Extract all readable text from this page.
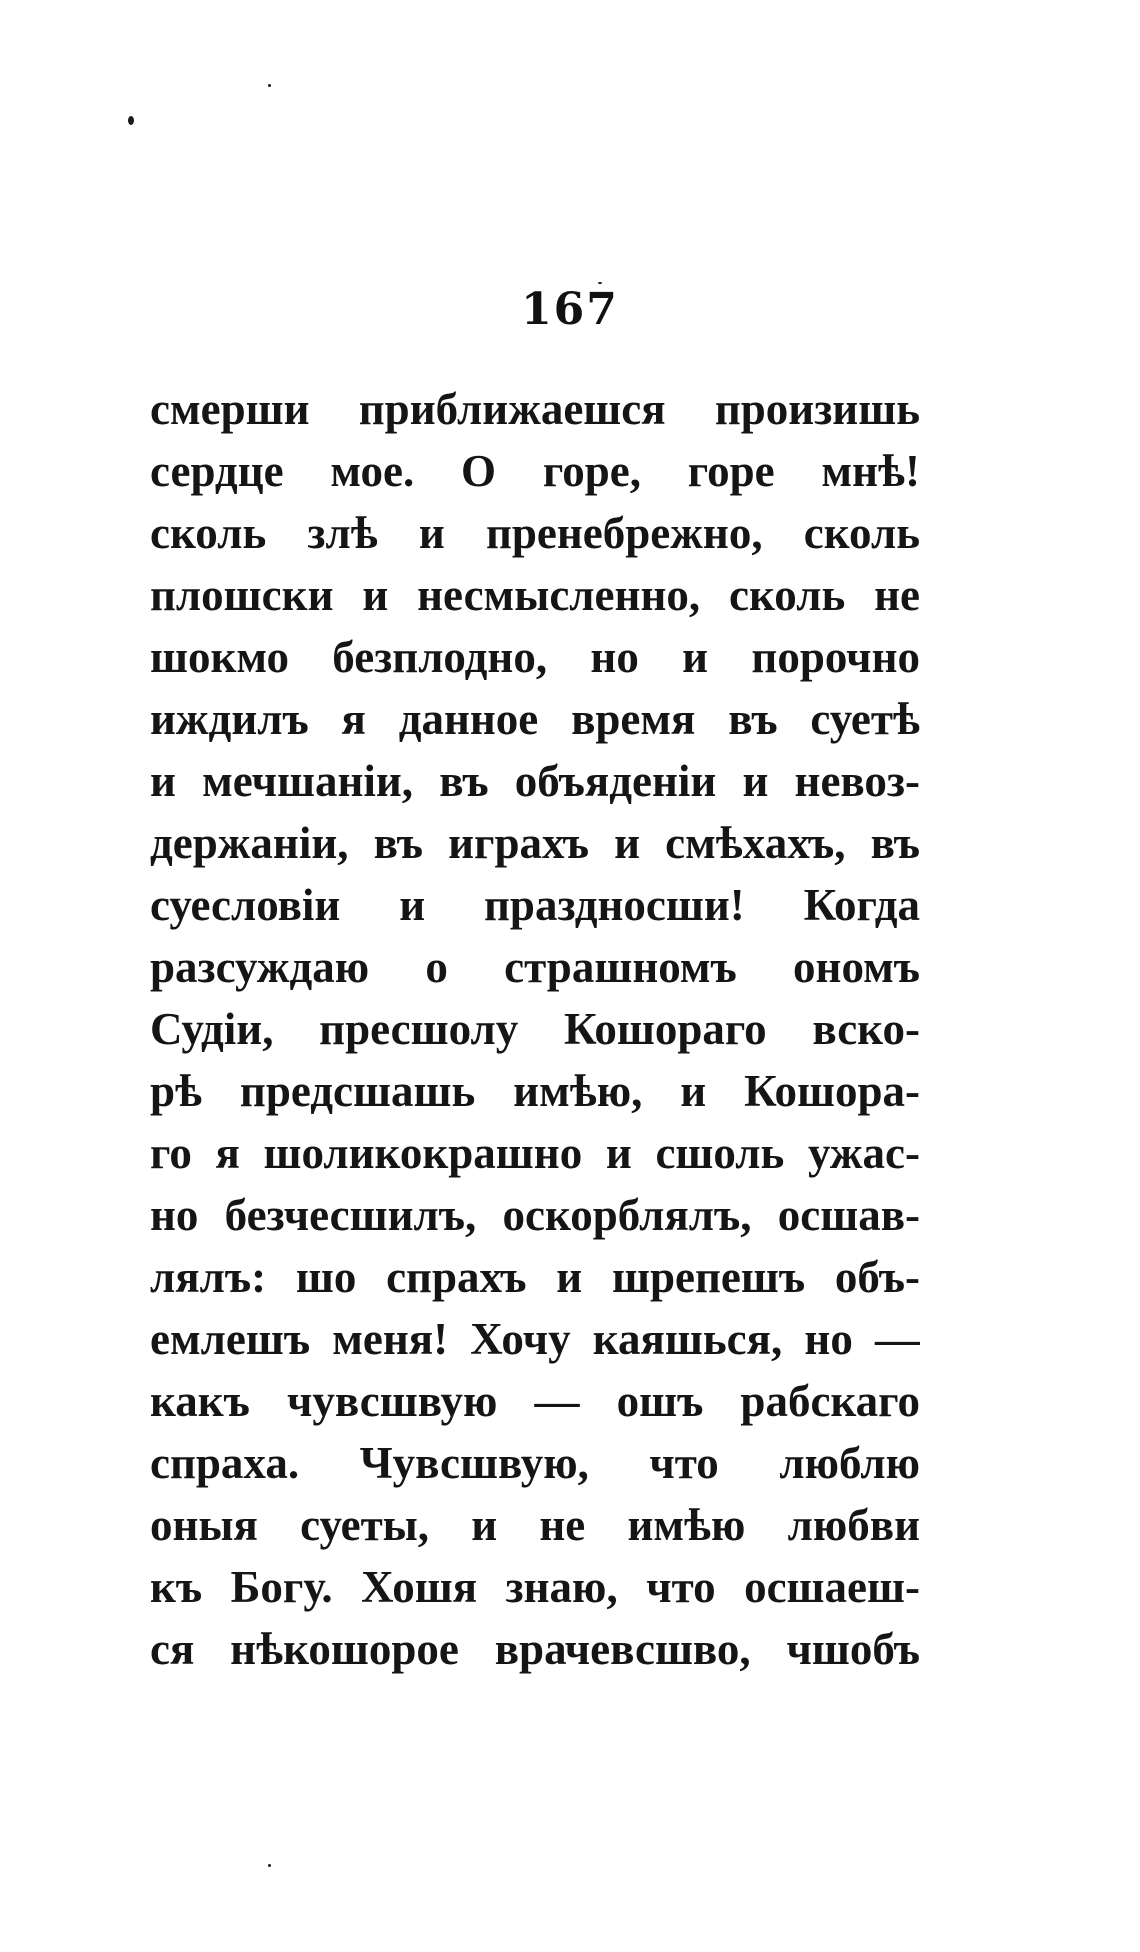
167
смерши приближаешся произишь
сердце мое. О горе, горе мнѣ!
сколь злѣ и пренебрежно, сколь
плошски и несмысленно, сколь не
шокмо безплодно, но и порочно
иждилъ я данное время въ суетѣ
и мечшаніи, въ объяденіи и невоз-
держаніи, въ играхъ и смѣхахъ, въ
суесловіи и праздносши! Когда
разсуждаю о страшномъ ономъ
Судіи, пресшолу Кошораго вско-
рѣ предсшашь имѣю, и Кошора-
го я шоликокрашно и сшоль ужас-
но безчесшилъ, оскорблялъ, осшав-
лялъ: шо спрахъ и шрепешъ объ-
емлешъ меня! Хочу каяшься, но —
какъ чувсшвую — ошъ рабскаго
спраха. Чувсшвую, что люблю
оныя суеты, и не имѣю любви
къ Богу. Хошя знаю, что осшаеш-
ся нѣкошорое врачевсшво, чшобъ
